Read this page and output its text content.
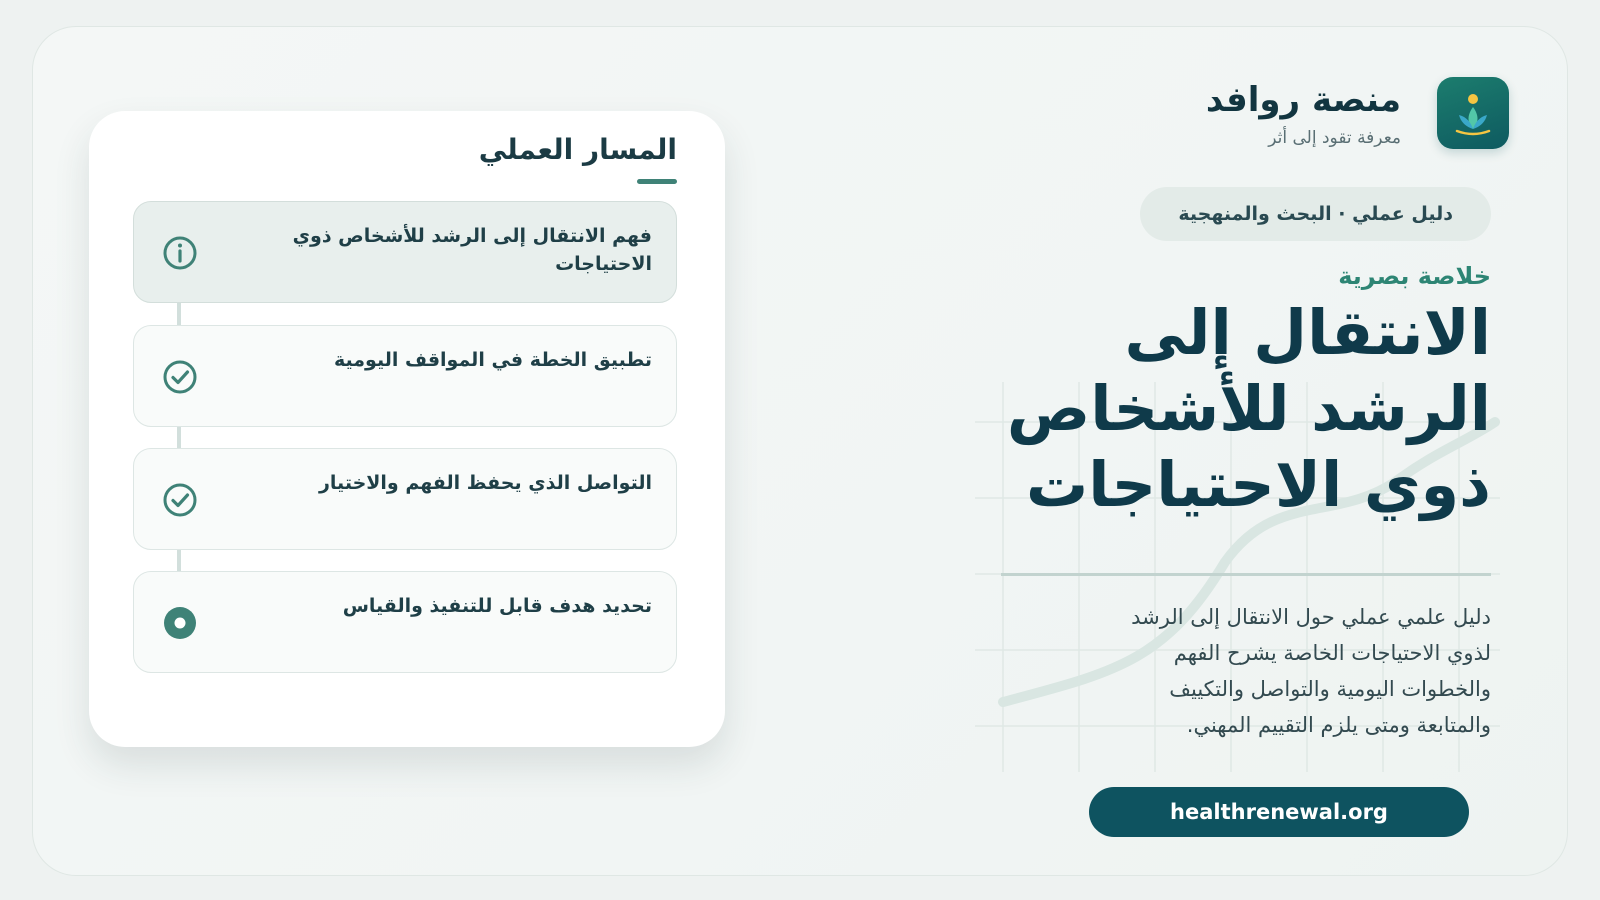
منصة روافد
معرفة تقود إلى أثر
دليل عملي · البحث والمنهجية
خلاصة بصرية
الانتقال إلى
الرشد للأشخاص
ذوي الاحتياجات

دليل علمي عملي حول الانتقال إلى الرشد
لذوي الاحتياجات الخاصة يشرح الفهم
والخطوات اليومية والتواصل والتكييف
والمتابعة ومتى يلزم التقييم المهني.

healthrenewal.org
المسار العملي
فهم الانتقال إلى الرشد للأشخاص ذوي الاحتياجات
تطبيق الخطة في المواقف اليومية
التواصل الذي يحفظ الفهم والاختيار
تحديد هدف قابل للتنفيذ والقياس
